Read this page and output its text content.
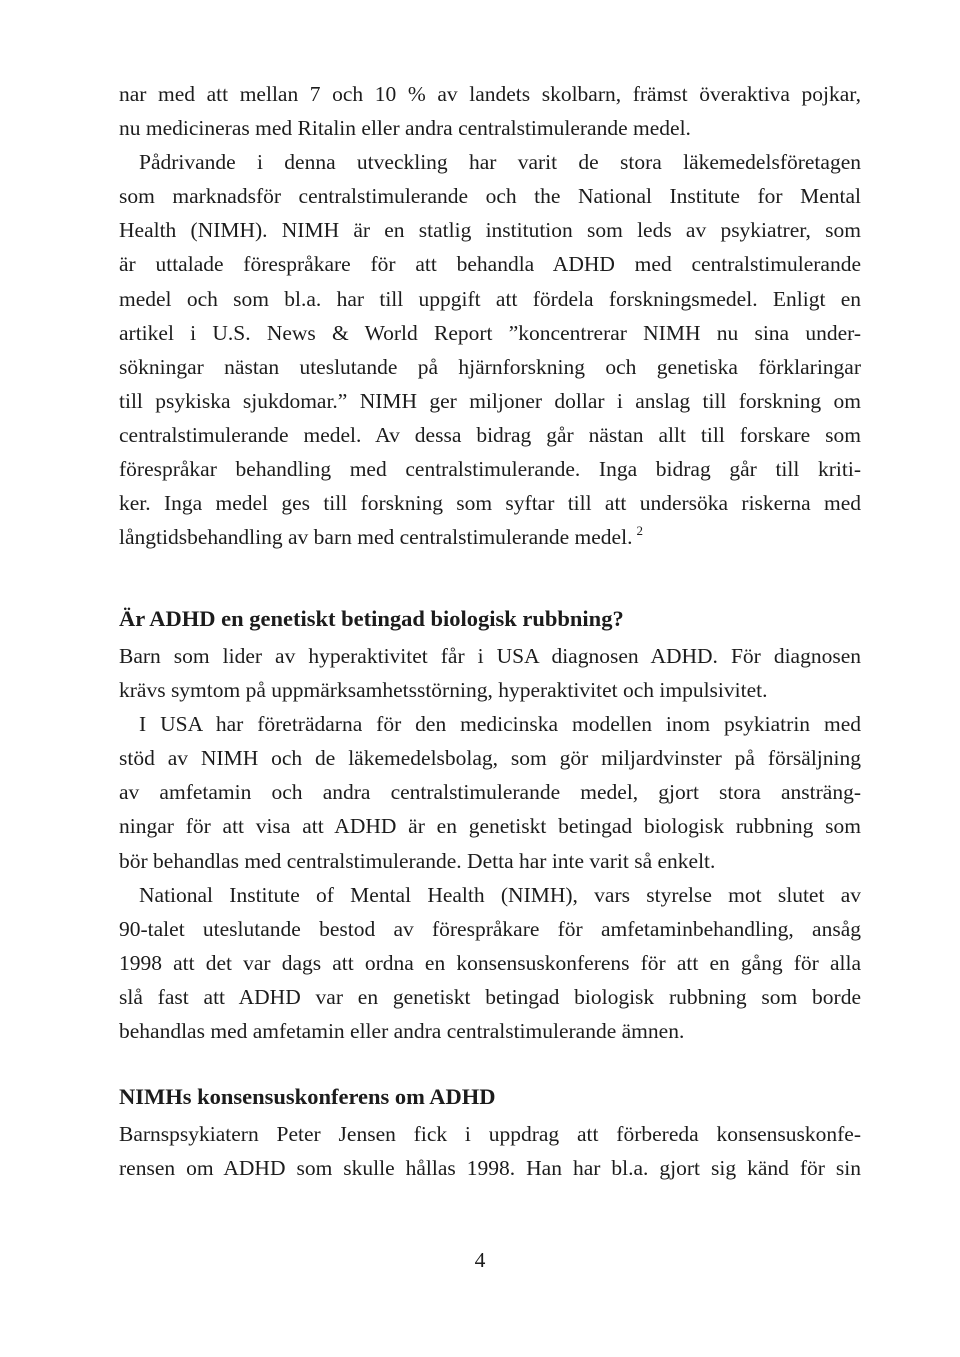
nar med att mellan 7 och 10 % av landets skolbarn, främst överaktiva pojkar,
nu medicineras med Ritalin eller andra centralstimulerande medel.
Pådrivande i denna utveckling har varit de stora läkemedelsföretagen
som marknadsför centralstimulerande och the National Institute for Mental
Health (NIMH). NIMH är en statlig institution som leds av psykiatrer, som
är uttalade förespråkare för att behandla ADHD med centralstimulerande
medel och som bl.a. har till uppgift att fördela forskningsmedel. Enligt en
artikel i U.S. News & World Report ”koncentrerar NIMH nu sina under-
sökningar nästan uteslutande på hjärnforskning och genetiska förklaringar
till psykiska sjukdomar.” NIMH ger miljoner dollar i anslag till forskning om
centralstimulerande medel. Av dessa bidrag går nästan allt till forskare som
förespråkar behandling med centralstimulerande. Inga bidrag går till kriti-
ker. Inga medel ges till forskning som syftar till att undersöka riskerna med
långtidsbehandling av barn med centralstimulerande medel. $^2$
Är ADHD en genetiskt betingad biologisk rubbning?
Barn som lider av hyperaktivitet får i USA diagnosen ADHD. För diagnosen
krävs symtom på uppmärksamhetsstörning, hyperaktivitet och impulsivitet.
I USA har företrädarna för den medicinska modellen inom psykiatrin med
stöd av NIMH och de läkemedelsbolag, som gör miljardvinster på försäljning
av amfetamin och andra centralstimulerande medel, gjort stora ansträng-
ningar för att visa att ADHD är en genetiskt betingad biologisk rubbning som
bör behandlas med centralstimulerande. Detta har inte varit så enkelt.
National Institute of Mental Health (NIMH), vars styrelse mot slutet av
90-talet uteslutande bestod av förespråkare för amfetaminbehandling, ansåg
1998 att det var dags att ordna en konsensuskonferens för att en gång för alla
slå fast att ADHD var en genetiskt betingad biologisk rubbning som borde
behandlas med amfetamin eller andra centralstimulerande ämnen.
NIMHs konsensuskonferens om ADHD
Barnspsykiatern Peter Jensen fick i uppdrag att förbereda konsensuskonfe-
rensen om ADHD som skulle hållas 1998. Han har bl.a. gjort sig känd för sin
4
